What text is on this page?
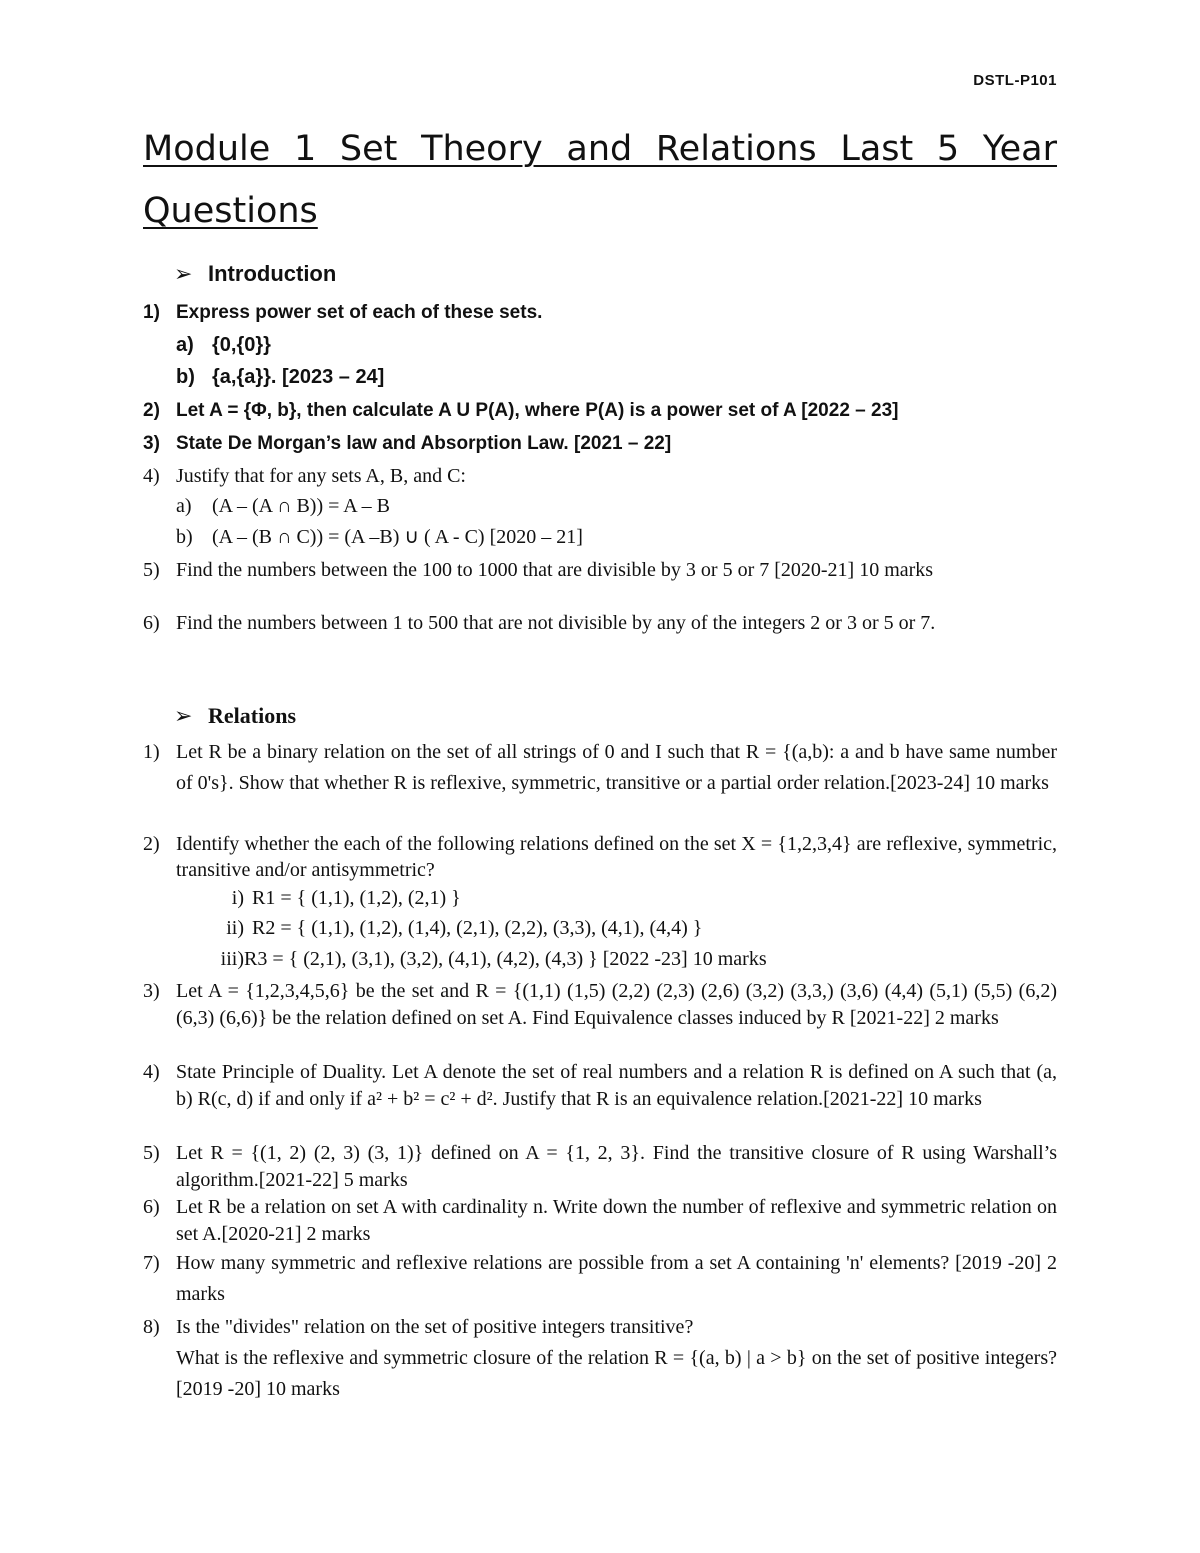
DSTL-P101
Module 1 Set Theory and Relations Last 5 Year Questions
➢ Introduction
1) Express power set of each of these sets.
a) {0,{0}}
b) {a,{a}}. [2023 – 24]
2) Let A = {Φ, b}, then calculate A U P(A), where P(A) is a power set of A [2022 – 23]
3) State De Morgan’s law and Absorption Law. [2021 – 22]
4) Justify that for any sets A, B, and C:
a) (A – (A ∩ B)) = A – B
b) (A – (B ∩ C)) = (A –B) ∪ ( A - C) [2020 – 21]
5) Find the numbers between the 100 to 1000 that are divisible by 3 or 5 or 7 [2020-21] 10 marks
6) Find the numbers between 1 to 500 that are not divisible by any of the integers 2 or 3 or 5 or 7.
➢ Relations
1) Let R be a binary relation on the set of all strings of 0 and I such that R = {(a,b): a and b have same number of 0's}. Show that whether R is reflexive, symmetric, transitive or a partial order relation.[2023-24] 10 marks
2) Identify whether the each of the following relations defined on the set X = {1,2,3,4} are reflexive, symmetric, transitive and/or antisymmetric?
i) R1 = { (1,1), (1,2), (2,1) }
ii) R2 = { (1,1), (1,2), (1,4), (2,1), (2,2), (3,3), (4,1), (4,4) }
iii)R3 = { (2,1), (3,1), (3,2), (4,1), (4,2), (4,3) } [2022 -23] 10 marks
3) Let A = {1,2,3,4,5,6} be the set and R = {(1,1) (1,5) (2,2) (2,3) (2,6) (3,2) (3,3,) (3,6) (4,4) (5,1) (5,5) (6,2) (6,3) (6,6)} be the relation defined on set A. Find Equivalence classes induced by R [2021-22] 2 marks
4) State Principle of Duality. Let A denote the set of real numbers and a relation R is defined on A such that (a, b) R(c, d) if and only if a² + b² = c² + d². Justify that R is an equivalence relation.[2021-22] 10 marks
5) Let R = {(1, 2) (2, 3) (3, 1)} defined on A = {1, 2, 3}. Find the transitive closure of R using Warshall’s algorithm.[2021-22] 5 marks
6) Let R be a relation on set A with cardinality n. Write down the number of reflexive and symmetric relation on set A.[2020-21] 2 marks
7) How many symmetric and reflexive relations are possible from a set A containing 'n' elements? [2019 -20] 2 marks
8) Is the "divides" relation on the set of positive integers transitive?
What is the reflexive and symmetric closure of the relation R = {(a, b) | a > b} on the set of positive integers? [2019 -20] 10 marks
